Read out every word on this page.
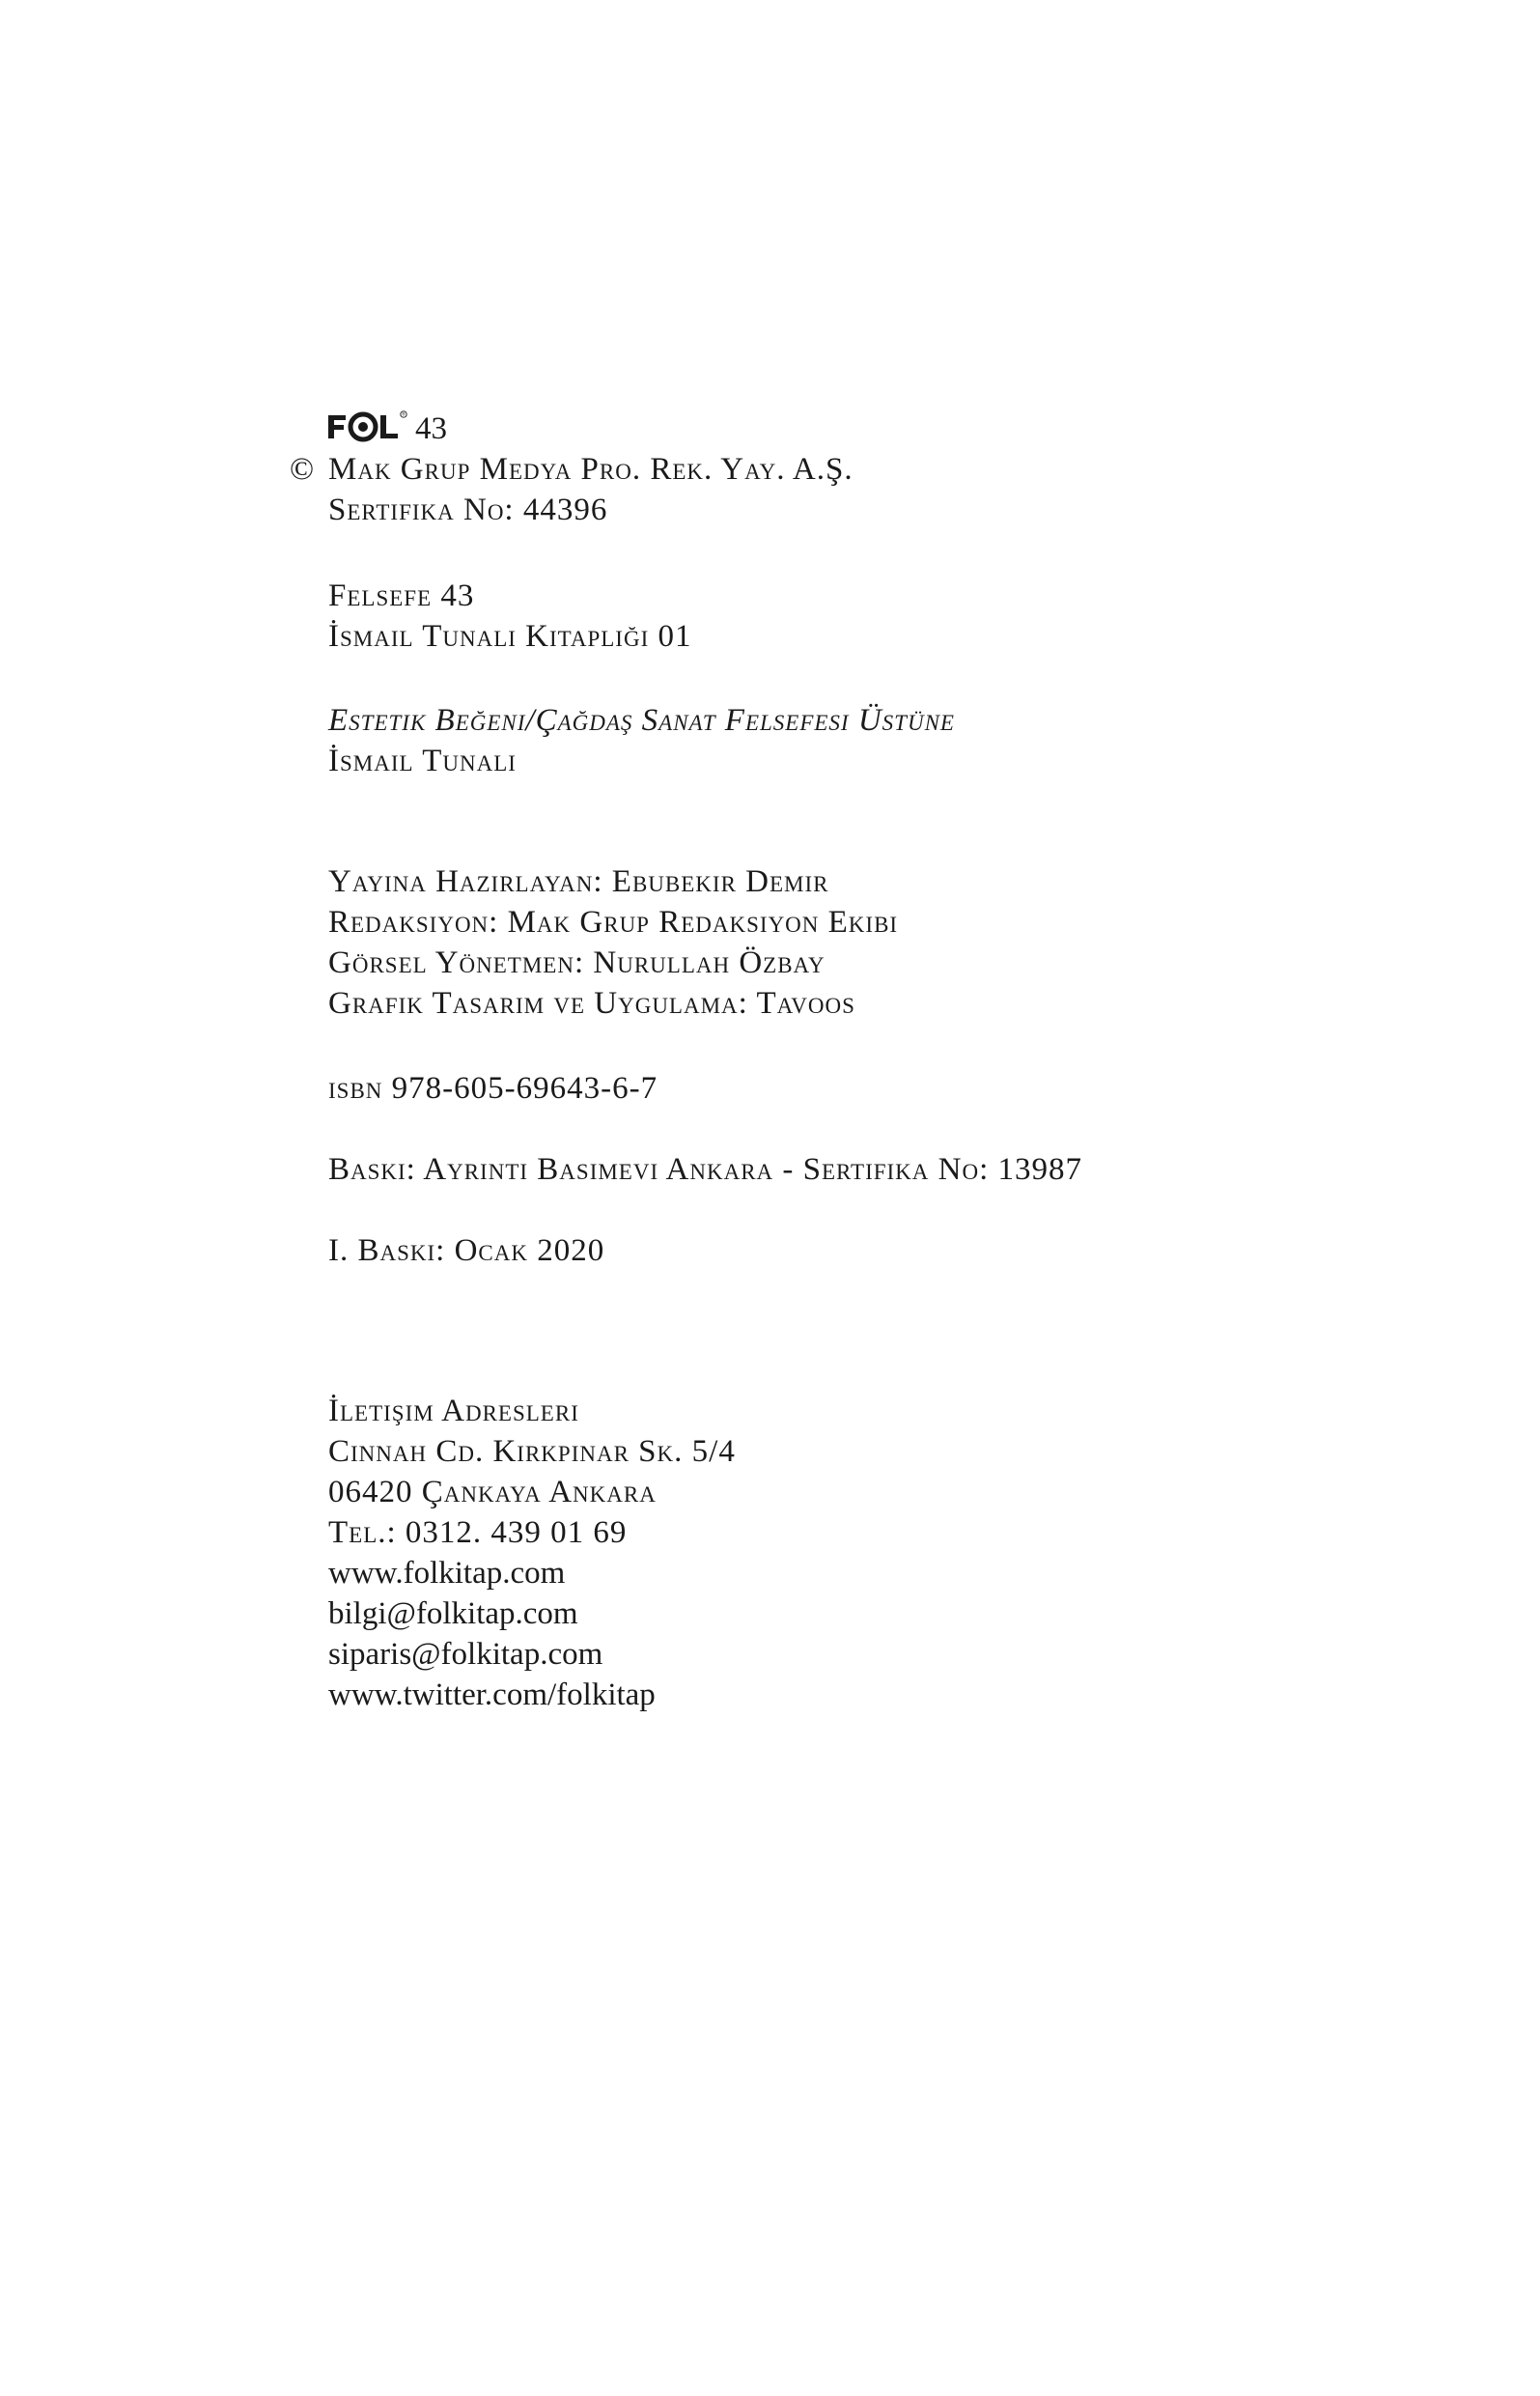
® 43
© Mak Grup Medya Pro. Rek. Yay. A.Ş.
Sertifika No: 44396
Felsefe 43
İsmail Tunalı Kitaplığı 01
Estetik Beğeni/Çağdaş Sanat Felsefesi Üstüne
İsmail Tunalı
Yayına Hazırlayan: Ebubekir Demir
Redaksiyon: Mak Grup Redaksiyon Ekibi
Görsel Yönetmen: Nurullah Özbay
Grafik Tasarım ve Uygulama: Tavoos
isbn 978-605-69643-6-7
Baskı: Ayrıntı Basımevi Ankara - Sertifika No: 13987
I. Baskı: Ocak 2020
İletişim Adresleri
Cinnah Cd. Kırkpınar Sk. 5/4
06420 Çankaya Ankara
Tel.: 0312. 439 01 69
www.folkitap.com
bilgi@folkitap.com
siparis@folkitap.com
www.twitter.com/folkitap
